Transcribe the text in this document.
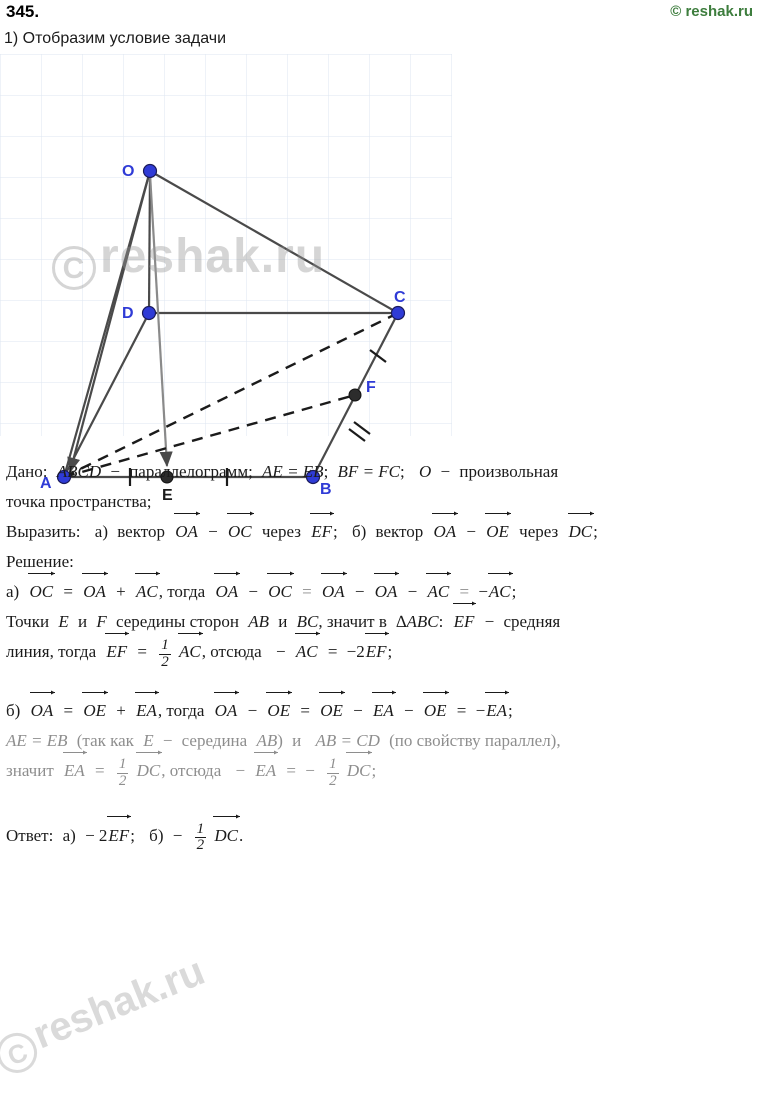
345.	© reshak.ru
1) Отобразим условие задачи
O
D
C
F
A
E	B
C reshak.ru

Дано: ABCD − параллелограмм; AE = EB; BF = FC; O − произвольная

точка пространства;

Выразить: а) вектор OA − OC через EF; б) вектор OA − OE через DC;

Решение:

а) OC = OA + AC, тогда OA − OC = OA − OA − AC = −AC;

Точки E и F середины сторон AB и BC, значит в ∆ABC: EF − средняя

линия, тогда EF = $\frac{1}{2}$ AC, отсюда − AC = −2EF;

б) OA = OE + EA, тогда OA − OE = OE − EA − OE = −EA;

AE = EB (так как E − середина AB) и AB = CD (по свойству параллел),

значит EA = $\frac{1}{2}$ DC, отсюда − EA = − $\frac{1}{2}$ DC;

Ответ: а) − 2EF; $б) - \frac{1}{2}$ DC.

Creshak.ru
